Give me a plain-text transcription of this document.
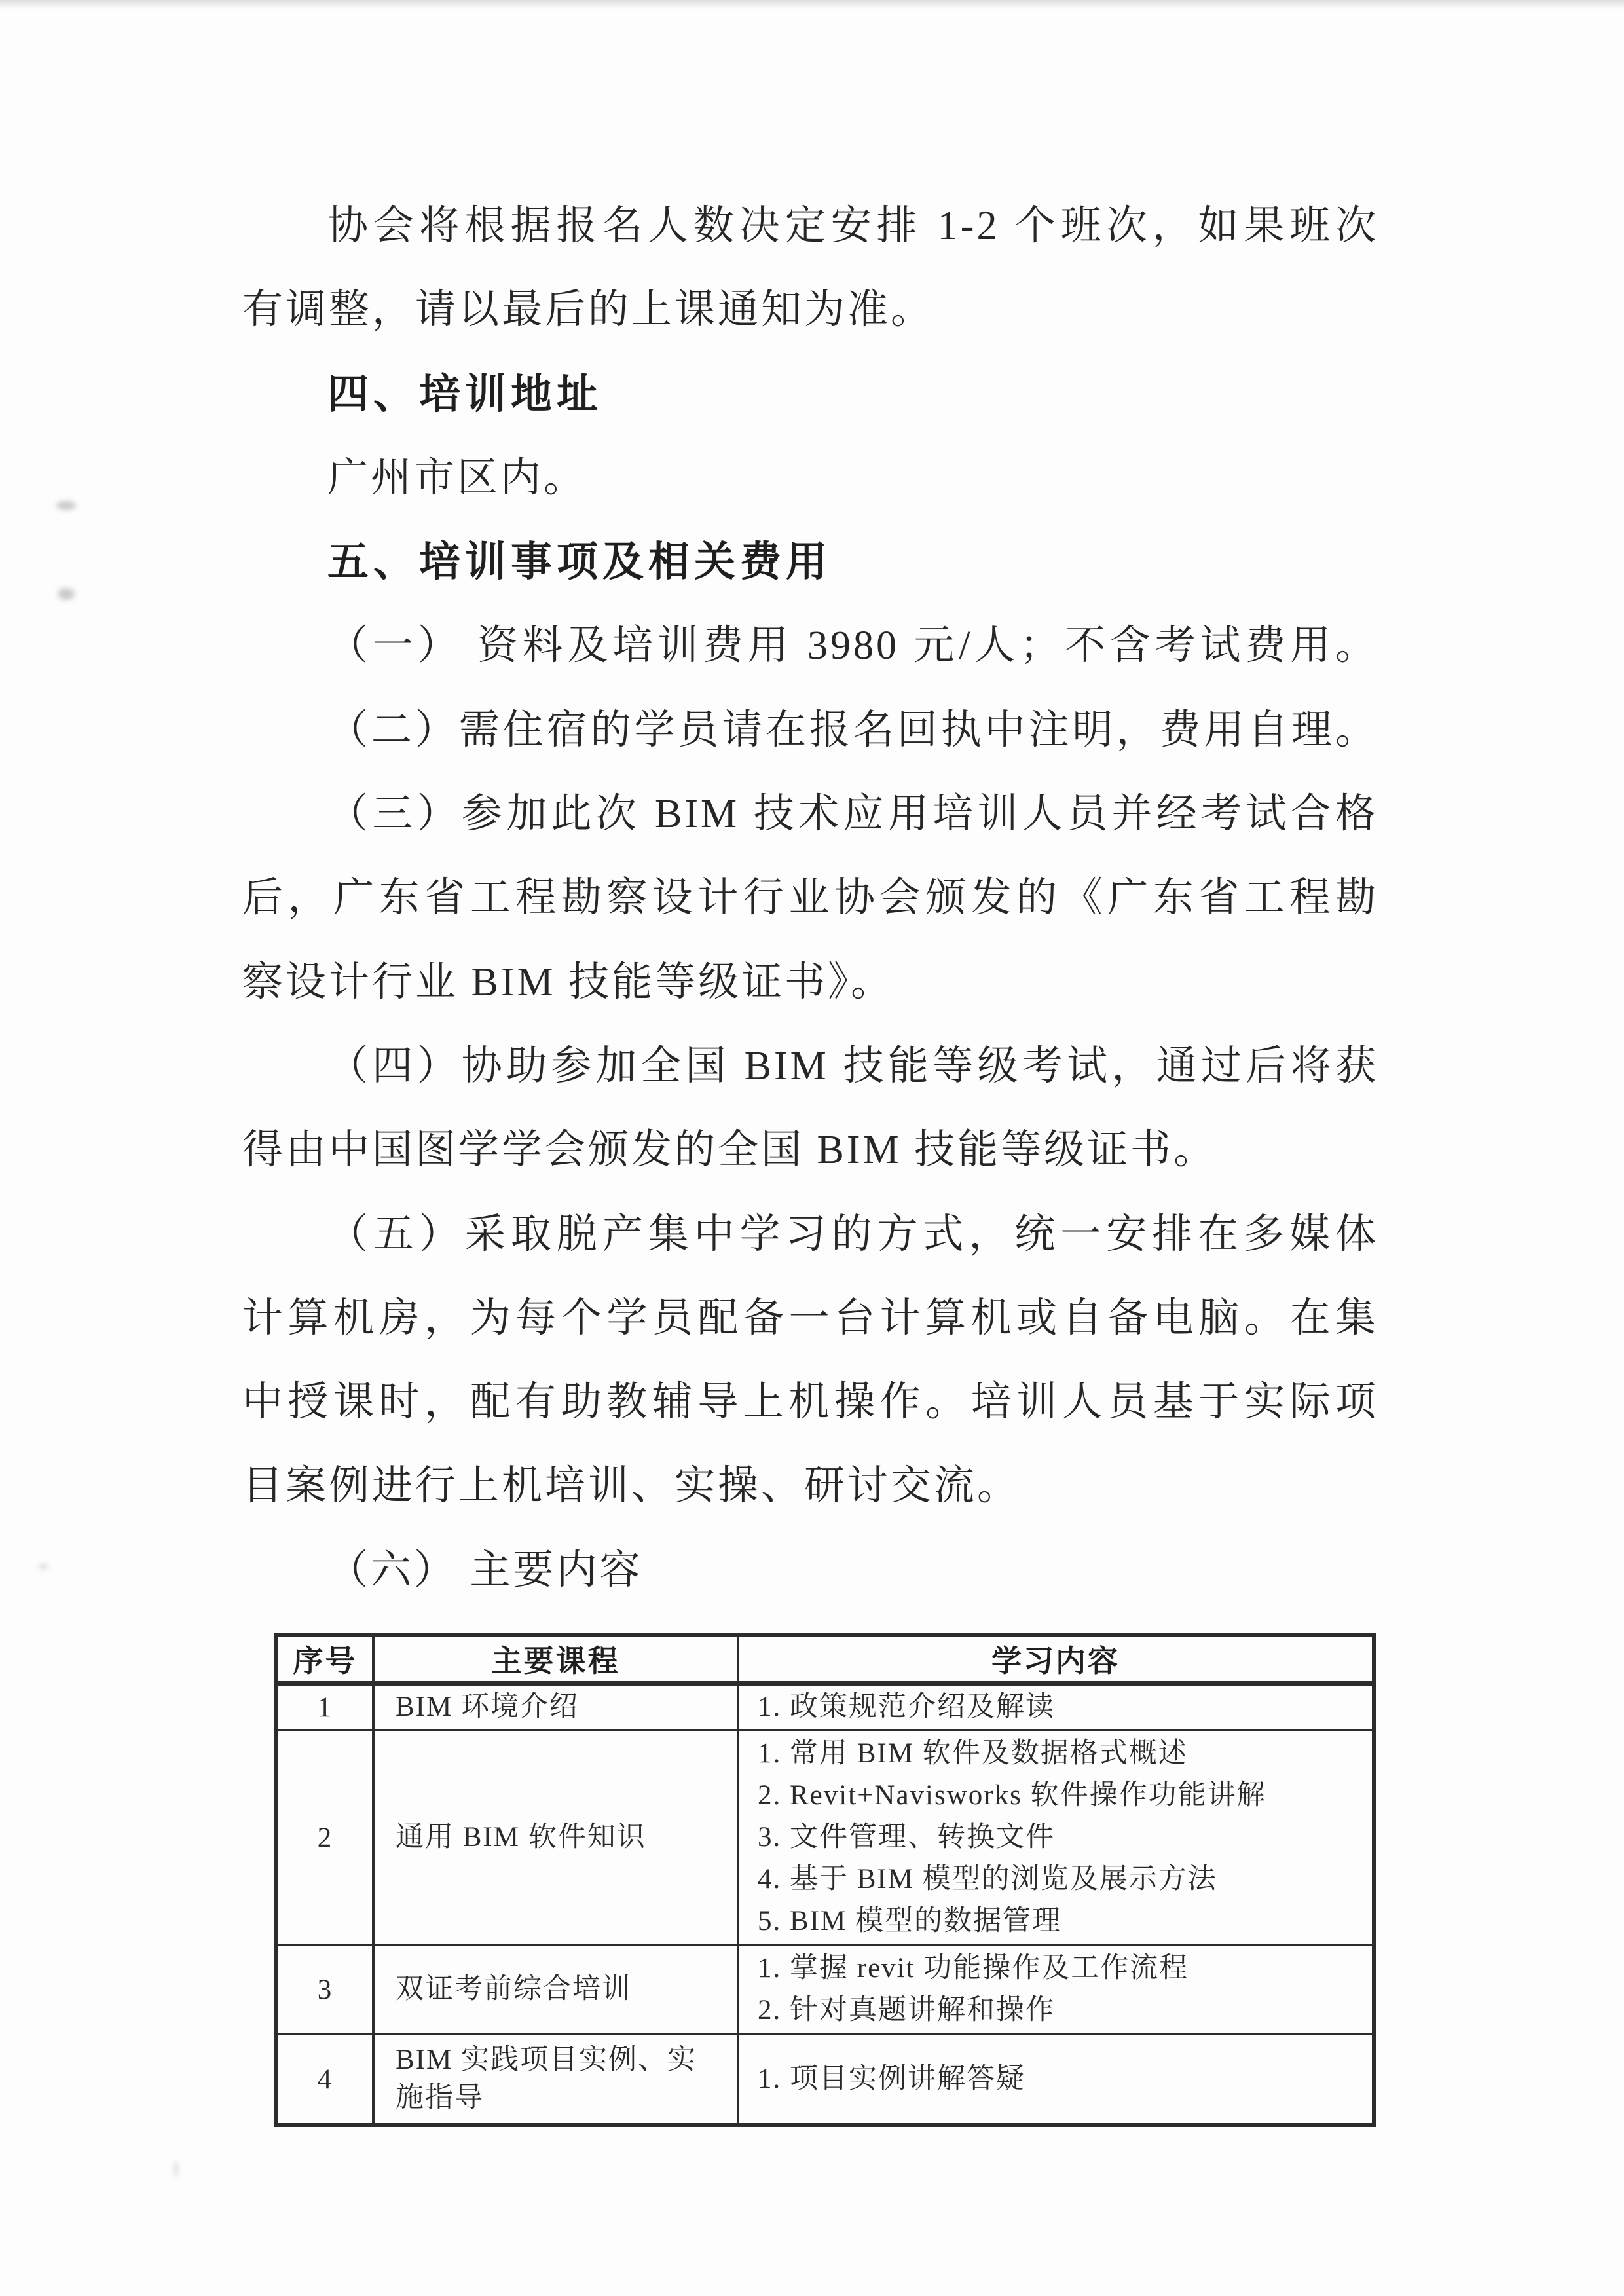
协会将根据报名人数决定安排 1-2 个班次，如果班次
有调整，请以最后的上课通知为准。
四、培训地址
广州市区内。
五、培训事项及相关费用
（一） 资料及培训费用 3980 元/人；不含考试费用。
（二）需住宿的学员请在报名回执中注明，费用自理。
（三）参加此次 BIM 技术应用培训人员并经考试合格
后，广东省工程勘察设计行业协会颁发的《广东省工程勘
察设计行业 BIM 技能等级证书》。
（四）协助参加全国 BIM 技能等级考试，通过后将获
得由中国图学学会颁发的全国 BIM 技能等级证书。
（五）采取脱产集中学习的方式，统一安排在多媒体
计算机房，为每个学员配备一台计算机或自备电脑。在集
中授课时，配有助教辅导上机操作。培训人员基于实际项
目案例进行上机培训、实操、研讨交流。
（六） 主要内容
序号	主要课程	学习内容
1	BIM 环境介绍	1. 政策规范介绍及解读

2	通用 BIM 软件知识	1. 常用 BIM 软件及数据格式概述
2. Revit+Navisworks 软件操作功能讲解
3. 文件管理、转换文件
4. 基于 BIM 模型的浏览及展示方法
5. BIM 模型的数据管理

3	双证考前综合培训	1. 掌握 revit 功能操作及工作流程
2. 针对真题讲解和操作

4	BIM 实践项目实例、实施指导	1. 项目实例讲解答疑
